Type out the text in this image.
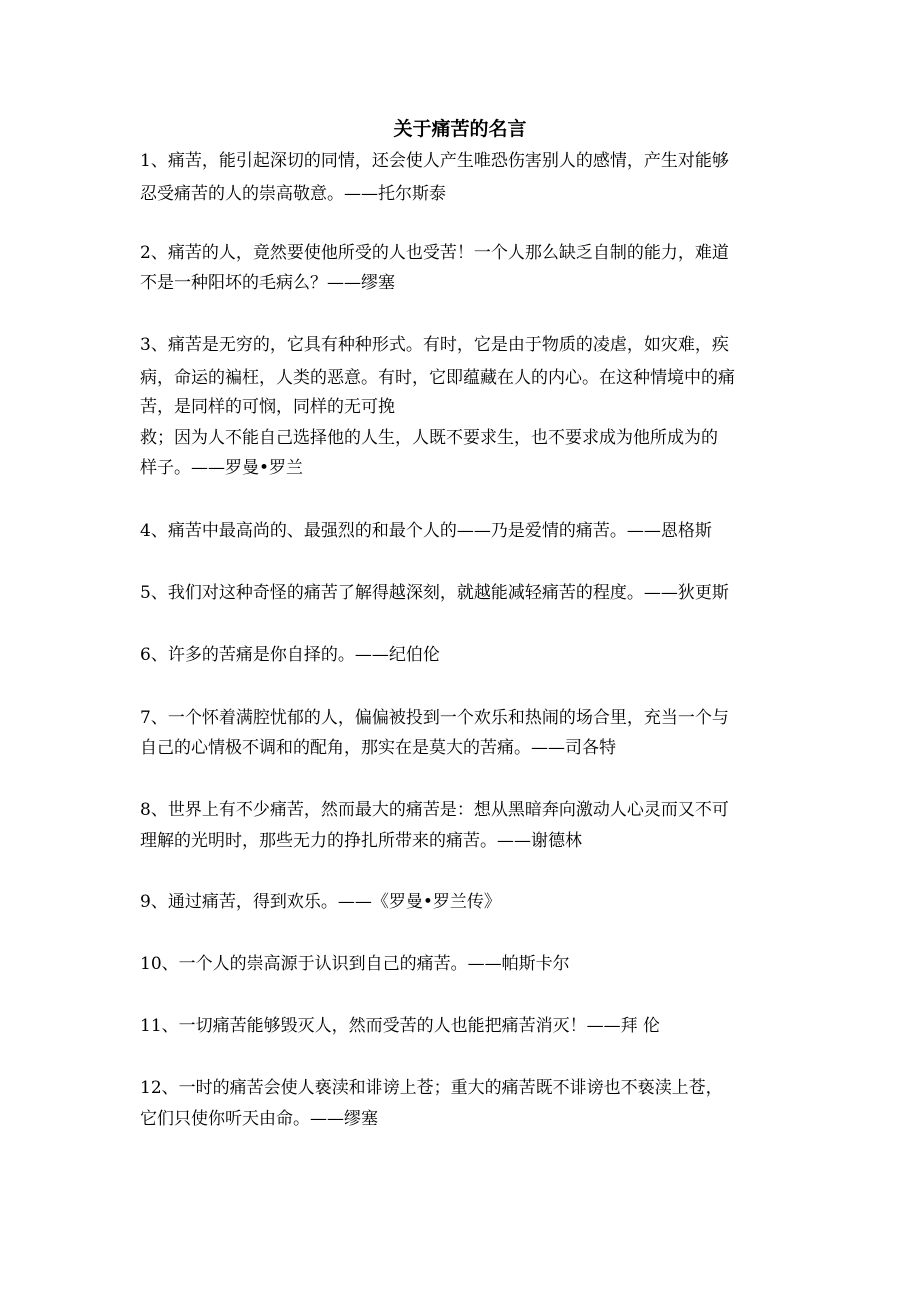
关于痛苦的名言
1、痛苦，能引起深切的同情，还会使人产生唯恐伤害别人的感情，产生对能够
忍受痛苦的人的崇高敬意。——托尔斯泰
2、痛苦的人，竟然要使他所受的人也受苦！一个人那么缺乏自制的能力，难道
不是一种阳坏的毛病么？——缪塞
3、痛苦是无穷的，它具有种种形式。有时，它是由于物质的凌虐，如灾难，疾
病，命运的褊枉，人类的恶意。有时，它即蕴藏在人的内心。在这种情境中的痛
苦，是同样的可悯，同样的无可挽
救；因为人不能自己选择他的人生，人既不要求生，也不要求成为他所成为的
样子。——罗曼•罗兰
4、痛苦中最高尚的、最强烈的和最个人的——乃是爱情的痛苦。——恩格斯
5、我们对这种奇怪的痛苦了解得越深刻，就越能减轻痛苦的程度。——狄更斯
6、许多的苦痛是你自择的。——纪伯伦
7、一个怀着满腔忧郁的人，偏偏被投到一个欢乐和热闹的场合里，充当一个与
自己的心情极不调和的配角，那实在是莫大的苦痛。——司各特
8、世界上有不少痛苦，然而最大的痛苦是：想从黑暗奔向激动人心灵而又不可
理解的光明时，那些无力的挣扎所带来的痛苦。——谢德林
9、通过痛苦，得到欢乐。——《罗曼•罗兰传》
10、一个人的崇高源于认识到自己的痛苦。——帕斯卡尔
11、一切痛苦能够毁灭人，然而受苦的人也能把痛苦消灭！——拜 伦
12、一时的痛苦会使人亵渎和诽谤上苍；重大的痛苦既不诽谤也不亵渎上苍，
它们只使你听天由命。——缪塞
